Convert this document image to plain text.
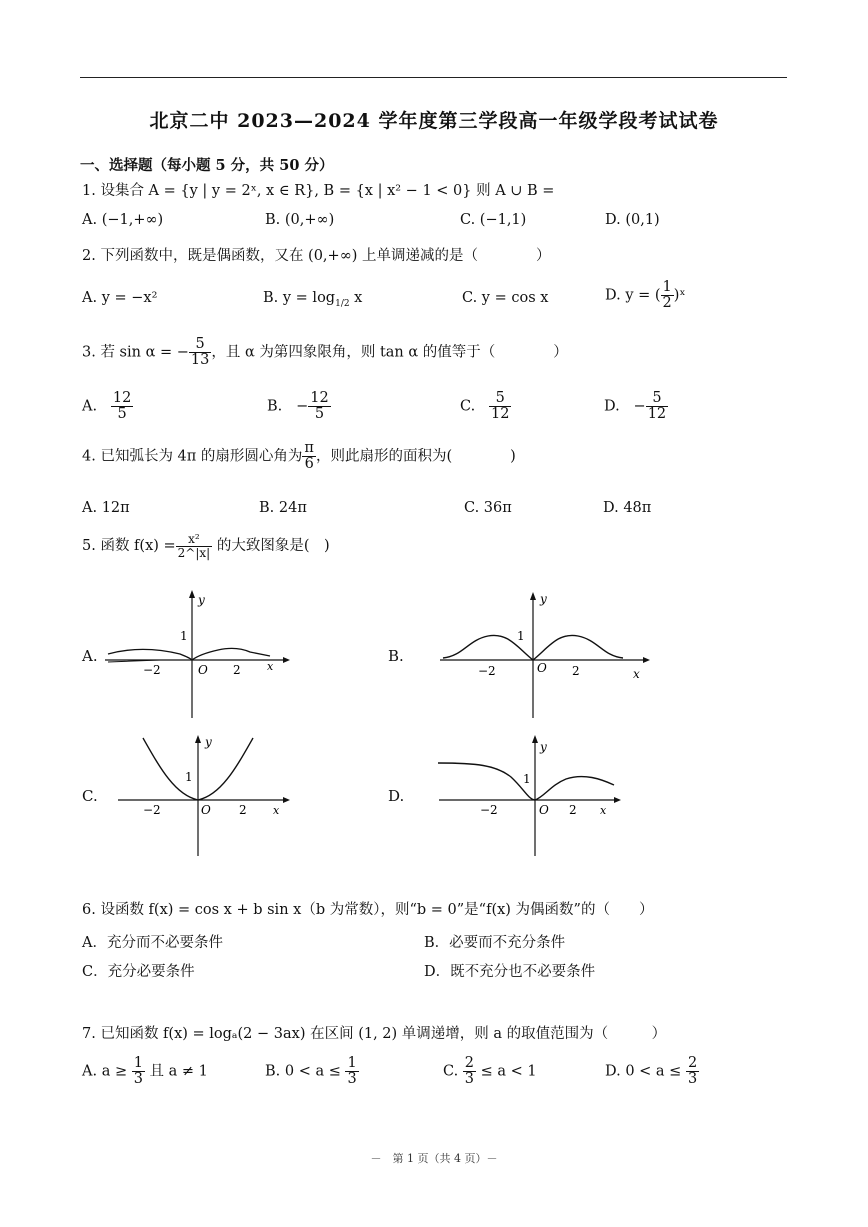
北京二中 2023—2024 学年度第三学段高一年级学段考试试卷
一、选择题（每小题 5 分，共 50 分）
1. 设集合 A = {y | y = 2ˣ, x ∈ R}, B = {x | x² − 1 < 0} 则 A ∪ B =
A. (−1,+∞)	B. (0,+∞)	C. (−1,1)	D. (0,1)
2. 下列函数中，既是偶函数，又在 (0,+∞) 上单调递减的是（　　　　）
A. y = −x²	B. $y = \log_{1/2} x$	C. y = cos x	D. y = ( $\frac{1}{2}$ )ˣ
3. 若 sin α = − $\frac{5}{13}$ ，且 α 为第四象限角，则 tan α 的值等于（　　　　）
A. $\frac{12}{5}$	B. − $\frac{12}{5}$	C. $\frac{5}{12}$	D. − $\frac{5}{12}$
4. 已知弧长为 4π 的扇形圆心角为 $\frac{\pi}{6}$ ，则此扇形的面积为(　　　　)
A. 12π	B. 24π	C. 36π	D. 48π
5. 函数 $f(x) = \frac{\text{x²}}{2\^{}|x|}$ 的大致图象是(　)
A.	B.
C.	D.
y
1
−2	O 2 x
y
1
−2	O 2	x
y
1
−2	O 2 x
y
1
−2	O 2 x
6. 设函数 f(x) = cos x + b sin x（b 为常数），则“b = 0”是“f(x) 为偶函数”的（　　）
A．充分而不必要条件	B．必要而不充分条件
C．充分必要条件	D．既不充分也不必要条件
7. 已知函数 f(x) = logₐ(2 − 3ax) 在区间 (1, 2) 单调递增，则 a 的取值范围为（　　　）
A. $a \ge \frac{1}{3}$ 且 a ≠ 1	B. $0 < a \le \frac{1}{3}$	C. $\frac{2}{3} \le a < 1$	D. $0 < a \le \frac{2}{3}$
－　第 1 页（共 4 页）－
